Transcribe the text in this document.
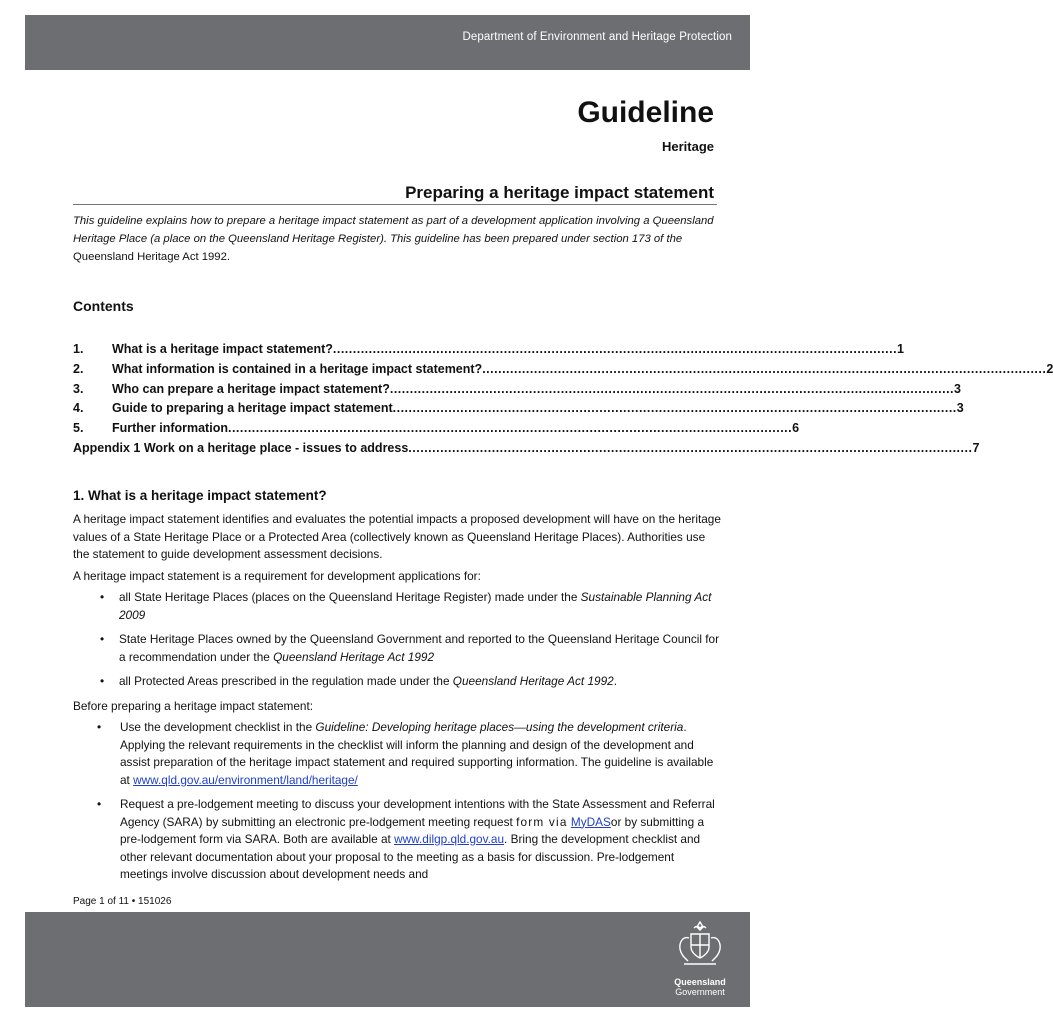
Department of Environment and Heritage Protection
Guideline
Heritage
Preparing a heritage impact statement
This guideline explains how to prepare a heritage impact statement as part of a development application involving a Queensland Heritage Place (a place on the Queensland Heritage Register). This guideline has been prepared under section 173 of the Queensland Heritage Act 1992.
Contents
1.	What is a heritage impact statement? .............................................................................................................................................. 1
2.	What information is contained in a heritage impact statement? .............................................................................................................................................. 2
3.	Who can prepare a heritage impact statement? .............................................................................................................................................. 3
4.	Guide to preparing a heritage impact statement .............................................................................................................................................. 3
5.	Further information .............................................................................................................................................. 6
Appendix 1 Work on a heritage place - issues to address .............................................................................................................................................. 7
1. What is a heritage impact statement?

A heritage impact statement identifies and evaluates the potential impacts a proposed development will have on the heritage values of a State Heritage Place or a Protected Area (collectively known as Queensland Heritage Places). Authorities use the statement to guide development assessment decisions.

A heritage impact statement is a requirement for development applications for:

• all State Heritage Places (places on the Queensland Heritage Register) made under the Sustainable Planning Act 2009
• State Heritage Places owned by the Queensland Government and reported to the Queensland Heritage Council for a recommendation under the Queensland Heritage Act 1992
• all Protected Areas prescribed in the regulation made under the Queensland Heritage Act 1992.

Before preparing a heritage impact statement:

• Use the development checklist in the Guideline: Developing heritage places—using the development criteria. Applying the relevant requirements in the checklist will inform the planning and design of the development and assist preparation of the heritage impact statement and required supporting information. The guideline is available at www.qld.gov.au/environment/land/heritage/
• Request a pre-lodgement meeting to discuss your development intentions with the State Assessment and Referral Agency (SARA) by submitting an electronic pre-lodgement meeting request form via MyDASor by submitting a pre-lodgement form via SARA. Both are available at www.dilgp.qld.gov.au. Bring the development checklist and other relevant documentation about your proposal to the meeting as a basis for discussion. Pre-lodgement meetings involve discussion about development needs and
Page 1 of 11 • 151026
Queensland
Government
